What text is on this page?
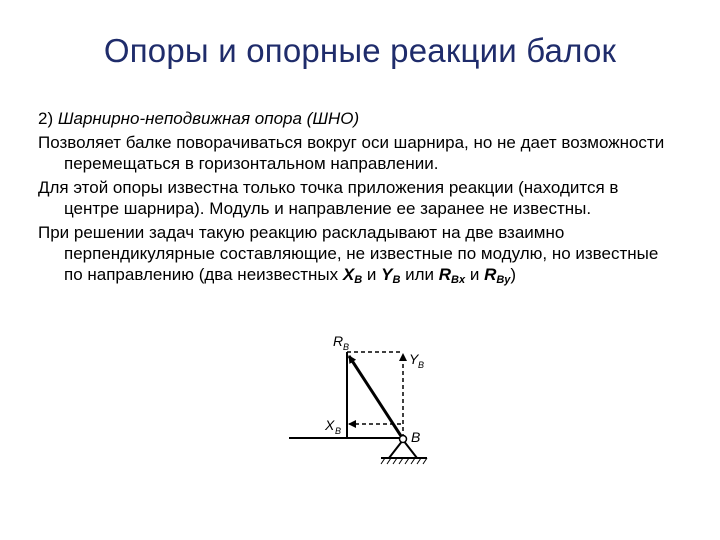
Опоры и опорные реакции балок

2) Шарнирно-неподвижная опора (ШНО)

Позволяет балке поворачиваться вокруг оси шарнира, но не дает возможности перемещаться в горизонтальном направлении.

Для этой опоры известна только точка приложения реакции (находится в центре шарнира). Модуль и направление ее заранее не известны.

При решении задач такую реакцию раскладывают на две взаимно перпендикулярные составляющие, не известные по модулю, но известные по направлению (два неизвестных $X_B$ и $Y_B$ или $R_{Bx}$ и $R_{By}$)

R B
Y B
X B	B
